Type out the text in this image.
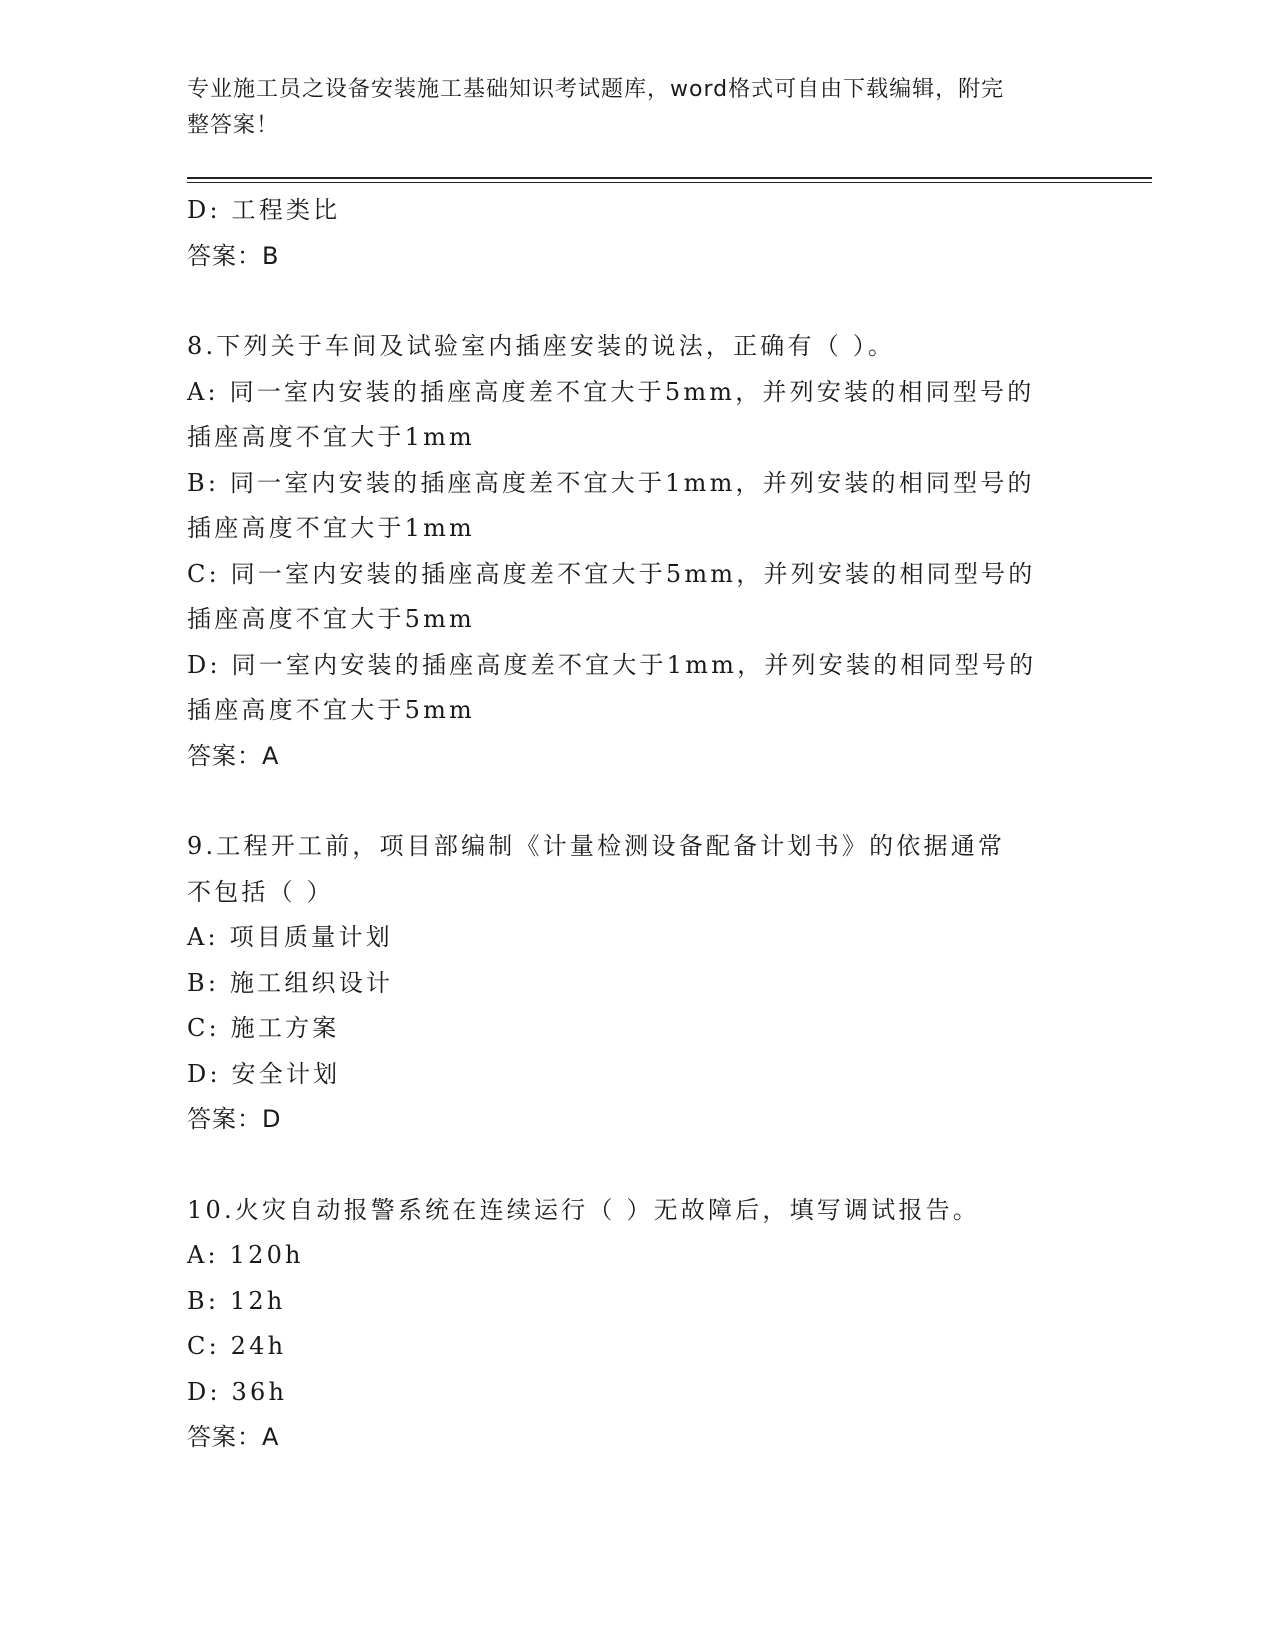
专业施工员之设备安装施工基础知识考试题库，word格式可自由下载编辑，附完
整答案！
D: 工程类比
答案：B
8.下列关于车间及试验室内插座安装的说法，正确有（ ）。
A: 同一室内安装的插座高度差不宜大于5mm，并列安装的相同型号的
插座高度不宜大于1mm
B: 同一室内安装的插座高度差不宜大于1mm，并列安装的相同型号的
插座高度不宜大于1mm
C: 同一室内安装的插座高度差不宜大于5mm，并列安装的相同型号的
插座高度不宜大于5mm
D: 同一室内安装的插座高度差不宜大于1mm，并列安装的相同型号的
插座高度不宜大于5mm
答案：A
9.工程开工前，项目部编制《计量检测设备配备计划书》的依据通常
不包括（ ）
A: 项目质量计划
B: 施工组织设计
C: 施工方案
D: 安全计划
答案：D
10.火灾自动报警系统在连续运行（ ）无故障后，填写调试报告。
A: 120h
B: 12h
C: 24h
D: 36h
答案：A
